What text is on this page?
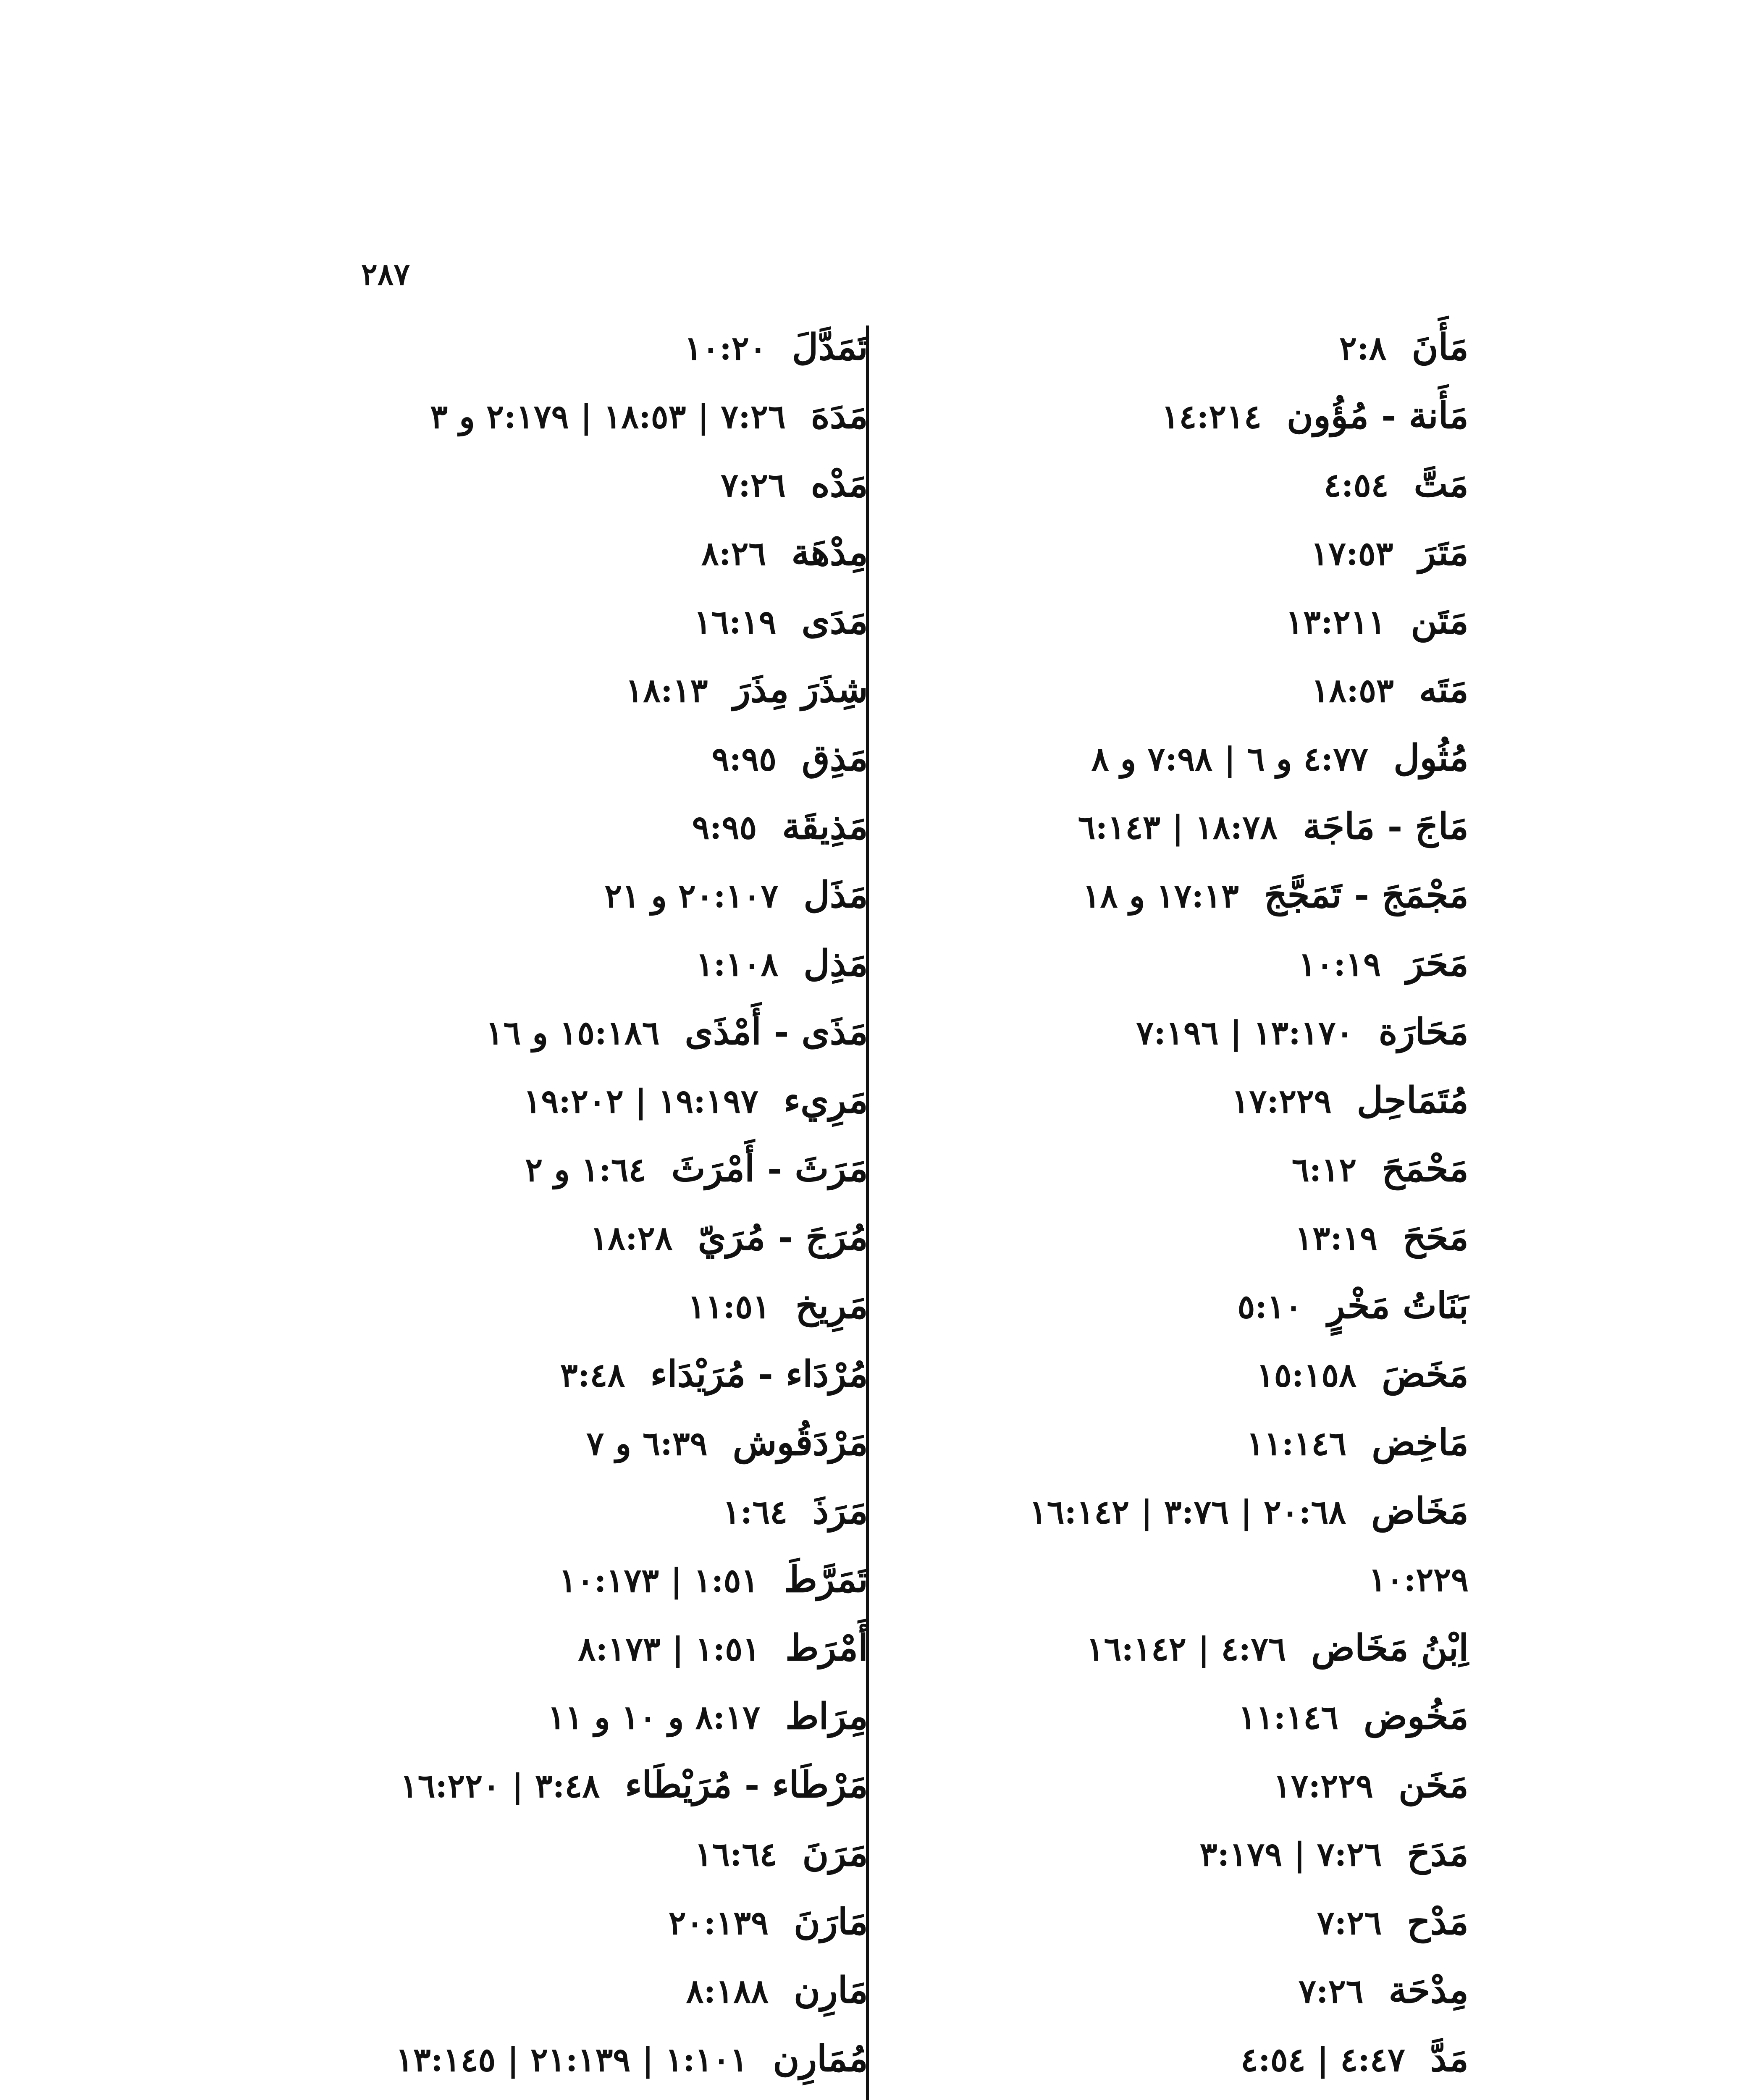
٢٨٧
مَأَنَ٢:٨
مَأَنة - مُؤُون١٤:٢١٤
مَتَّ٤:٥٤
مَتَرَ١٧:٥٣
مَتَن١٣:٢١١
مَتَه١٨:٥٣
مُثُول٤:٧٧ و ٦ | ٧:٩٨ و ٨
مَاجَ - مَاجَة١٨:٧٨ | ٦:١٤٣
مَجْمَجَ - تَمَجَّجَ١٧:١٣ و ١٨
مَحَرَ١٠:١٩
مَحَارَة١٣:١٧٠ | ٧:١٩٦
مُتَمَاحِل١٧:٢٢٩
مَحْمَحَ٦:١٢
مَحَحَ١٣:١٩
بَنَاتُ مَخْرٍ٥:١٠
مَخَضَ١٥:١٥٨
مَاخِض١١:١٤٦
مَخَاض٢٠:٦٨ | ٣:٧٦ | ١٦:١٤٢
١٠:٢٢٩
اِبْنُ مَخَاض٤:٧٦ | ١٦:١٤٢
مَخُوض١١:١٤٦
مَخَن١٧:٢٢٩
مَدَحَ٧:٢٦ | ٣:١٧٩
مَدْح٧:٢٦
مِدْحَة٧:٢٦
مَدَّ٤:٤٧ | ٤:٥٤
تَمَدَّلَ١٠:٢٠
مَدَهَ٧:٢٦ | ١٨:٥٣ | ٢:١٧٩ و ٣
مَدْه٧:٢٦
مِدْهَة٨:٢٦
مَدَى١٦:١٩
شِذَرَ مِذَرَ١٨:١٣
مَذِق٩:٩٥
مَذِيقَة٩:٩٥
مَذَل٢٠:١٠٧ و ٢١
مَذِل١:١٠٨
مَذَى - أَمْذَى١٥:١٨٦ و ١٦
مَرِيء١٩:١٩٧ | ١٩:٢٠٢
مَرَثَ - أَمْرَثَ١:٦٤ و ٢
مُرَجَ - مُرَيّ١٨:٢٨
مَرِيخ١١:٥١
مُرْدَاء - مُرَيْدَاء٣:٤٨
مَرْدَقُوش٦:٣٩ و ٧
مَرَذَ١:٦٤
تَمَرَّطَ١:٥١ | ١٠:١٧٣
أَمْرَط١:٥١ | ٨:١٧٣
مِرَاط٨:١٧ و ١٠ و ١١
مَرْطَاء - مُرَيْطَاء٣:٤٨ | ١٦:٢٢٠
مَرَنَ١٦:٦٤
مَارَنَ٢٠:١٣٩
مَارِن٨:١٨٨
مُمَارِن١:١٠١ | ٢١:١٣٩ | ١٣:١٤٥
